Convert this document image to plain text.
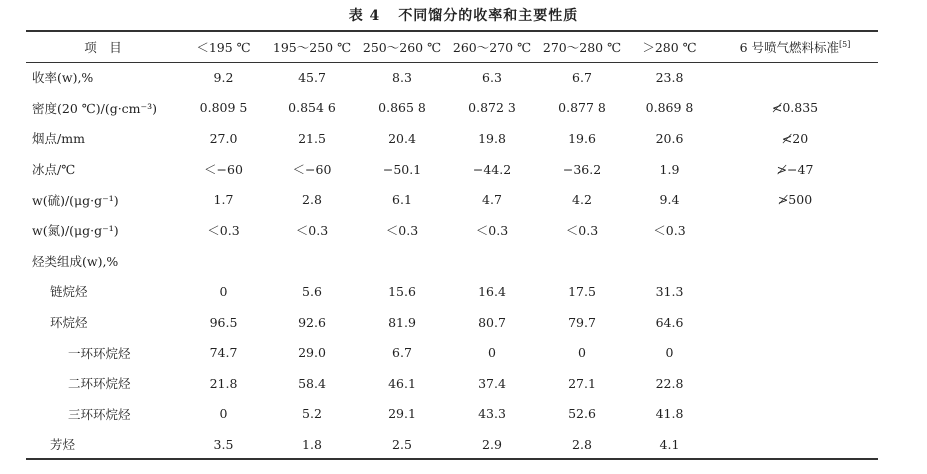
表 4 不同馏分的收率和主要性质
项　目	＜195 ℃	195～250 ℃	250～260 ℃	260～270 ℃	270～280 ℃	＞280 ℃	6 号喷气燃料标准[5]
收率(w),%	9.2	45.7	8.3	6.3	6.7	23.8	
密度(20 ℃)/(g·cm⁻³)	0.809 5	0.854 6	0.865 8	0.872 3	0.877 8	0.869 8	≮0.835
烟点/mm	27.0	21.5	20.4	19.8	19.6	20.6	≮20
冰点/℃	＜−60	＜−60	−50.1	−44.2	−36.2	1.9	≯−47
w(硫)/(μg·g⁻¹)	1.7	2.8	6.1	4.7	4.2	9.4	≯500
w(氮)/(μg·g⁻¹)	＜0.3	＜0.3	＜0.3	＜0.3	＜0.3	＜0.3	
烃类组成(w),%							
链烷烃	0	5.6	15.6	16.4	17.5	31.3	
环烷烃	96.5	92.6	81.9	80.7	79.7	64.6	
一环环烷烃	74.7	29.0	6.7	0	0	0	
二环环烷烃	21.8	58.4	46.1	37.4	27.1	22.8	
三环环烷烃	0	5.2	29.1	43.3	52.6	41.8	
芳烃	3.5	1.8	2.5	2.9	2.8	4.1	
